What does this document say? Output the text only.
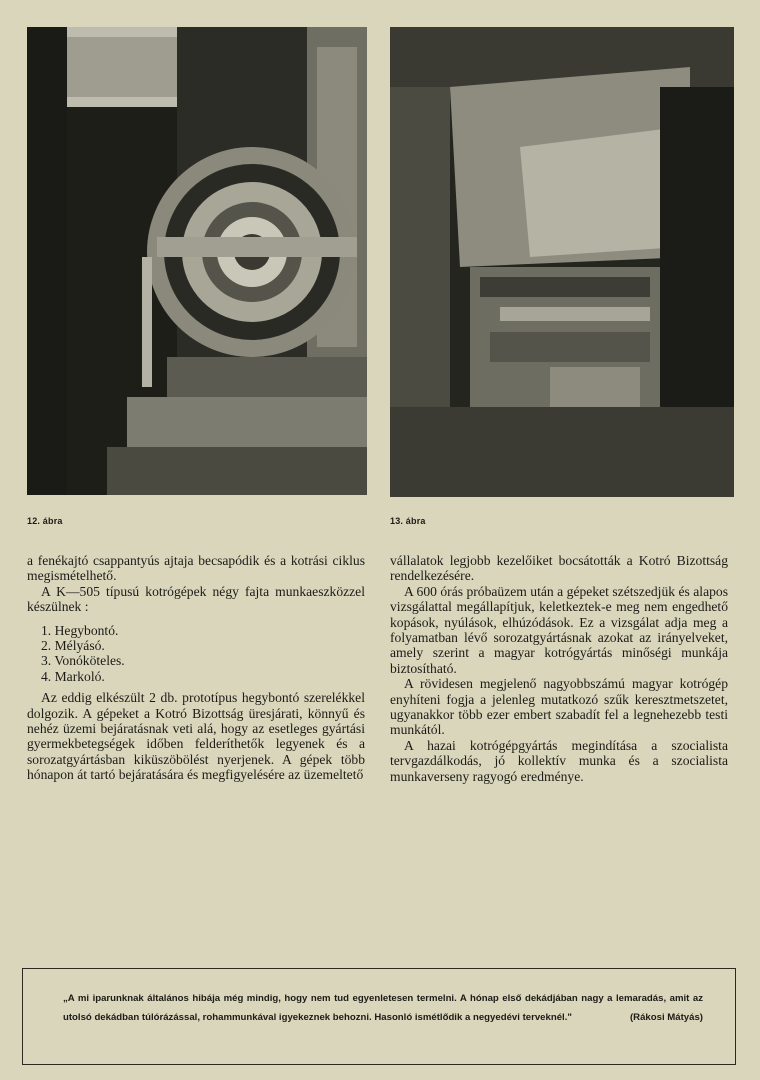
12. ábra	13. ábra

a fenékajtó csappantyús ajtaja becsapódik és a kotrási ciklus megismételhető.

A K—505 típusú kotrógépek négy fajta munkaeszközzel készülnek :

1. Hegybontó.
2. Mélyásó.
3. Vonóköteles.
4. Markoló.

Az eddig elkészült 2 db. prototípus hegybontó szerelékkel dolgozik. A gépeket a Kotró Bizottság üresjárati, könnyű és nehéz üzemi bejáratásnak veti alá, hogy az esetleges gyártási gyermekbetegségek időben felderíthetők legyenek és a sorozatgyártásban kiküszöbölést nyerjenek. A gépek több hónapon át tartó bejáratására és megfigyelésére az üzemeltető

vállalatok legjobb kezelőiket bocsátották a Kotró Bizottság rendelkezésére.

A 600 órás próbaüzem után a gépeket szétszedjük és alapos vizsgálattal megállapítjuk, keletkeztek-e meg nem engedhető kopások, nyúlások, elhúzódások. Ez a vizsgálat adja meg a folyamatban lévő sorozatgyártásnak azokat az irányelveket, amely szerint a magyar kotrógyártás minőségi munkája biztosítható.

A rövidesen megjelenő nagyobbszámú magyar kotrógép enyhíteni fogja a jelenleg mutatkozó szűk keresztmetszetet, ugyanakkor több ezer embert szabadít fel a legnehezebb testi munkától.

A hazai kotrógépgyártás megindítása a szocialista tervgazdálkodás, jó kollektív munka és a szocialista munkaverseny ragyogó eredménye.

„A mi iparunknak általános hibája még mindig, hogy nem tud egyenletesen termelni. A hónap első dekádjában nagy a lemaradás, amit az utolsó dekádban túlórázással, rohammunkával igyekeznek behozni. Hasonló ismétlődik a negyedévi terveknél."	(Rákosi Mátyás)
